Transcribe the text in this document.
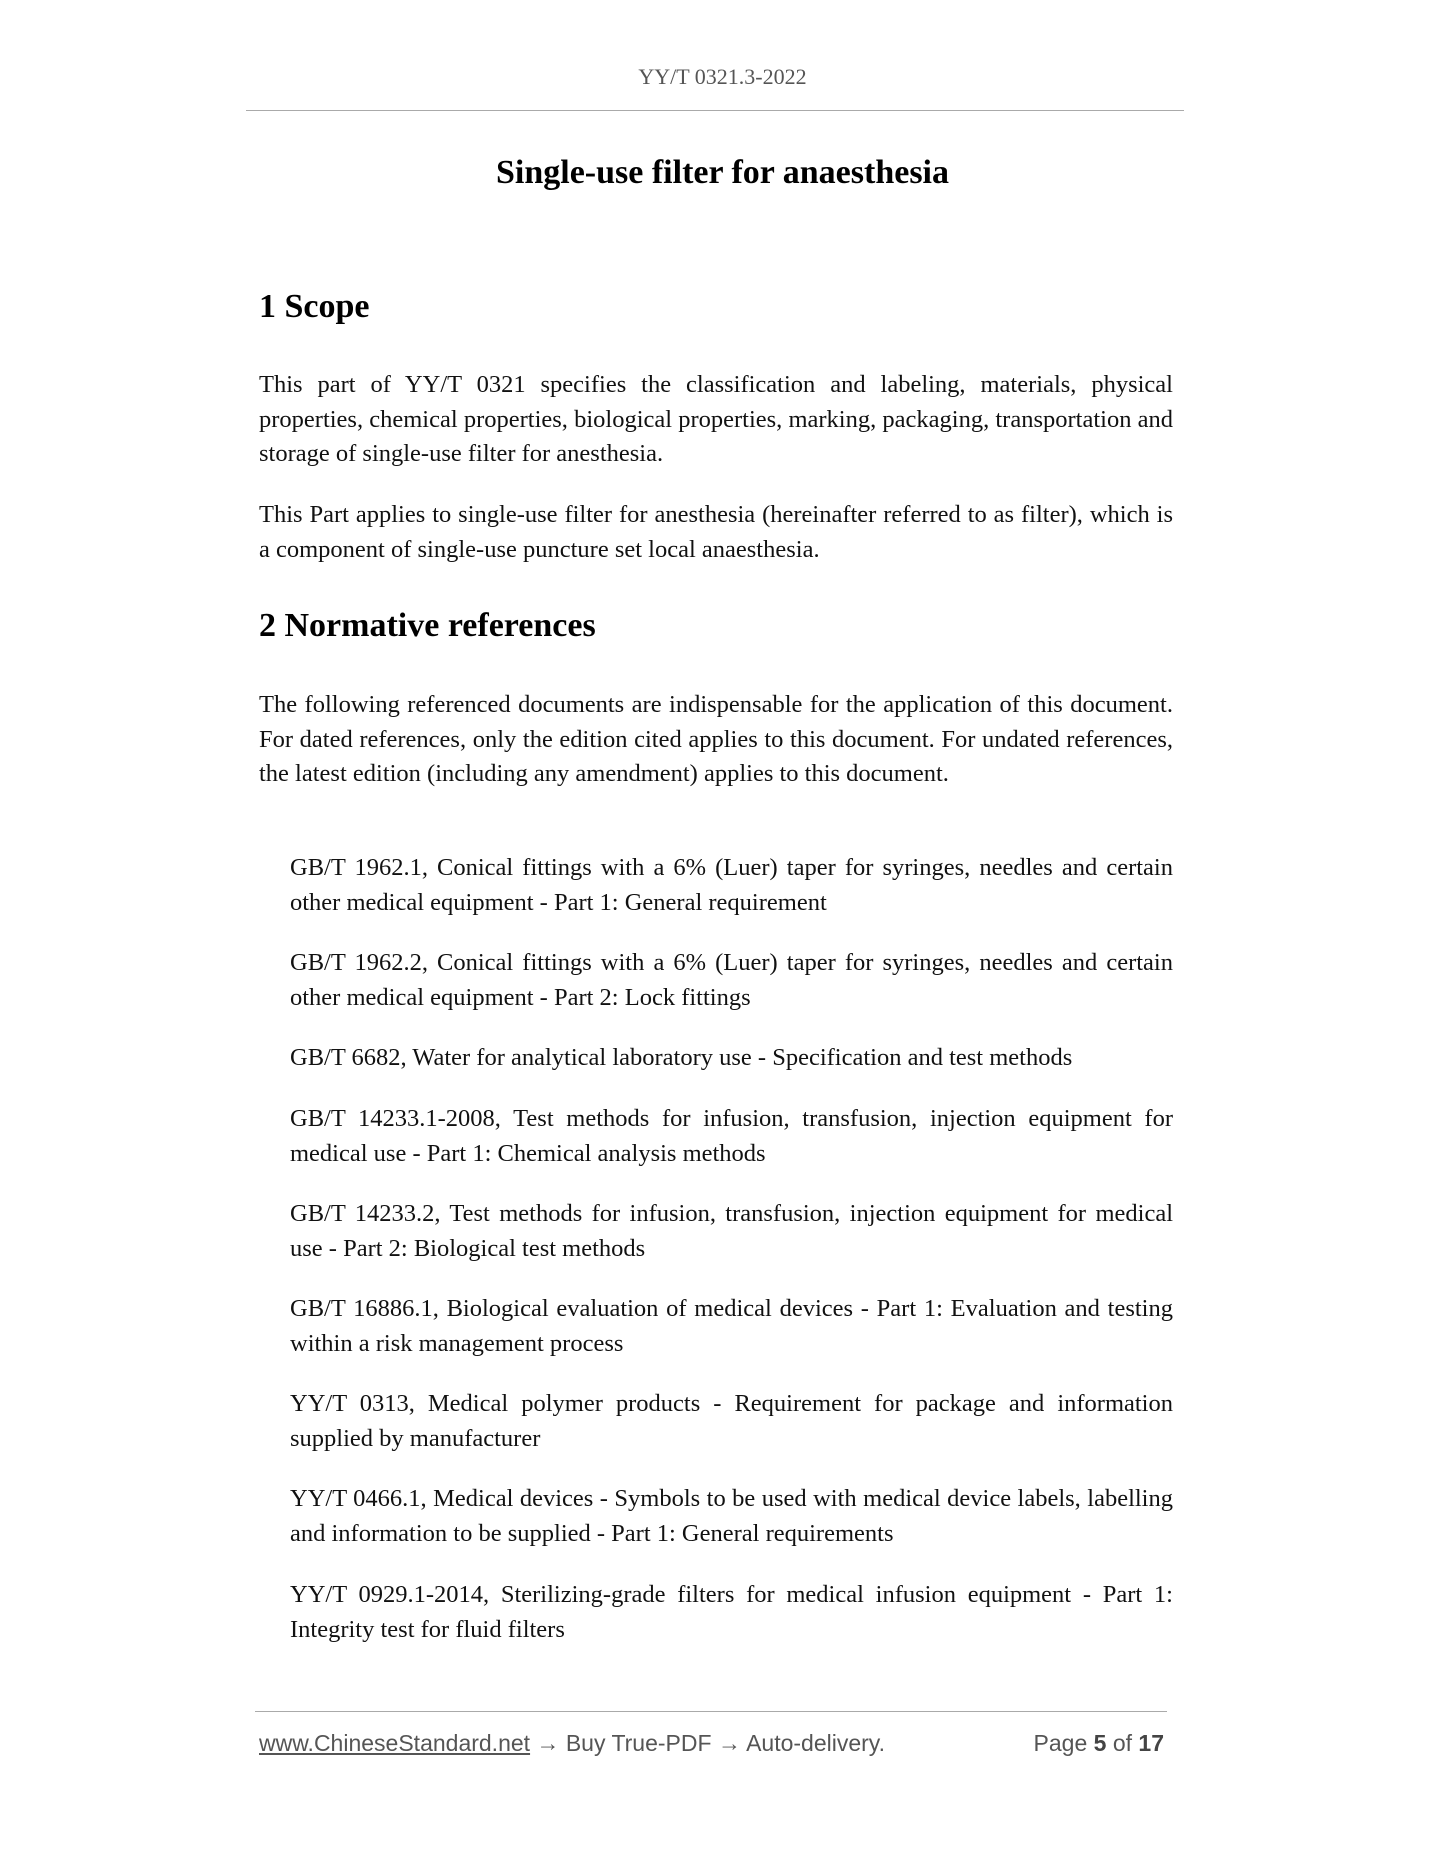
YY/T 0321.3-2022
Single-use filter for anaesthesia
1 Scope
This part of YY/T 0321 specifies the classification and labeling, materials, physical properties, chemical properties, biological properties, marking, packaging, transportation and storage of single-use filter for anesthesia.
This Part applies to single-use filter for anesthesia (hereinafter referred to as filter), which is a component of single-use puncture set local anaesthesia.
2 Normative references
The following referenced documents are indispensable for the application of this document. For dated references, only the edition cited applies to this document. For undated references, the latest edition (including any amendment) applies to this document.
GB/T 1962.1, Conical fittings with a 6% (Luer) taper for syringes, needles and certain other medical equipment - Part 1: General requirement
GB/T 1962.2, Conical fittings with a 6% (Luer) taper for syringes, needles and certain other medical equipment - Part 2: Lock fittings
GB/T 6682, Water for analytical laboratory use - Specification and test methods
GB/T 14233.1-2008, Test methods for infusion, transfusion, injection equipment for medical use - Part 1: Chemical analysis methods
GB/T 14233.2, Test methods for infusion, transfusion, injection equipment for medical use - Part 2: Biological test methods
GB/T 16886.1, Biological evaluation of medical devices - Part 1: Evaluation and testing within a risk management process
YY/T 0313, Medical polymer products - Requirement for package and information supplied by manufacturer
YY/T 0466.1, Medical devices - Symbols to be used with medical device labels, labelling and information to be supplied - Part 1: General requirements
YY/T 0929.1-2014, Sterilizing-grade filters for medical infusion equipment - Part 1: Integrity test for fluid filters
www.ChineseStandard.net → Buy True-PDF → Auto-delivery.	Page 5 of 17
